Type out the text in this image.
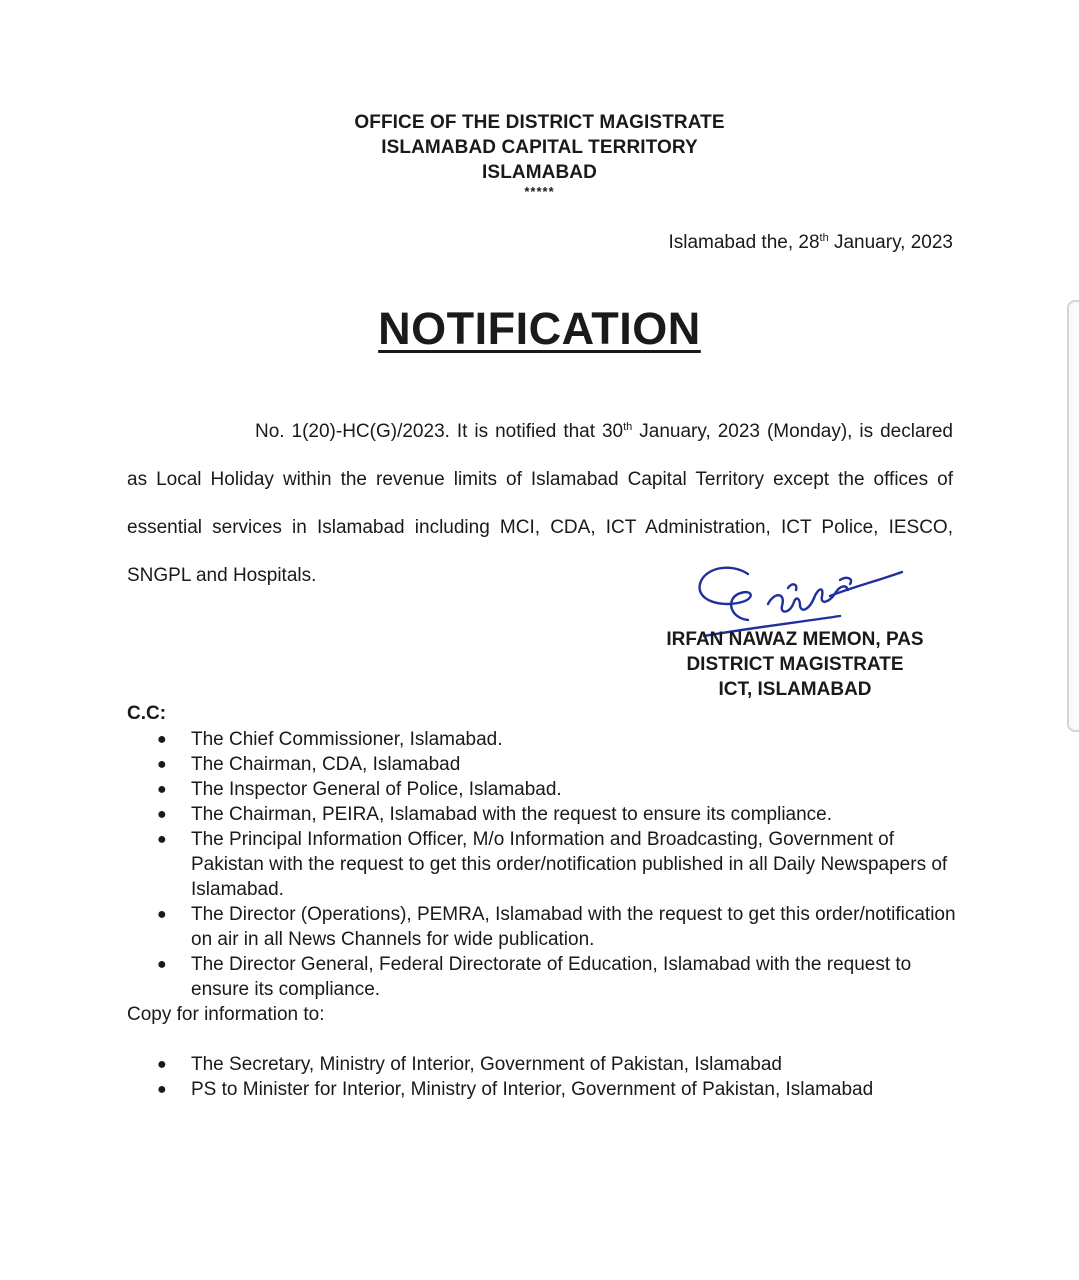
OFFICE OF THE DISTRICT MAGISTRATE
ISLAMABAD CAPITAL TERRITORY
ISLAMABAD
*****
Islamabad the, 28th January, 2023
NOTIFICATION
No. 1(20)-HC(G)/2023. It is notified that 30th January, 2023 (Monday), is declared as Local Holiday within the revenue limits of Islamabad Capital Territory except the offices of essential services in Islamabad including MCI, CDA, ICT Administration, ICT Police, IESCO, SNGPL and Hospitals.
IRFAN NAWAZ MEMON, PAS
DISTRICT MAGISTRATE
ICT, ISLAMABAD
C.C:
● The Chief Commissioner, Islamabad.
● The Chairman, CDA, Islamabad
● The Inspector General of Police, Islamabad.
● The Chairman, PEIRA, Islamabad with the request to ensure its compliance.
● The Principal Information Officer, M/o Information and Broadcasting, Government of Pakistan with the request to get this order/notification published in all Daily Newspapers of Islamabad.
● The Director (Operations), PEMRA, Islamabad with the request to get this order/notification on air in all News Channels for wide publication.
● The Director General, Federal Directorate of Education, Islamabad with the request to ensure its compliance.
Copy for information to:
● The Secretary, Ministry of Interior, Government of Pakistan, Islamabad
● PS to Minister for Interior, Ministry of Interior, Government of Pakistan, Islamabad
